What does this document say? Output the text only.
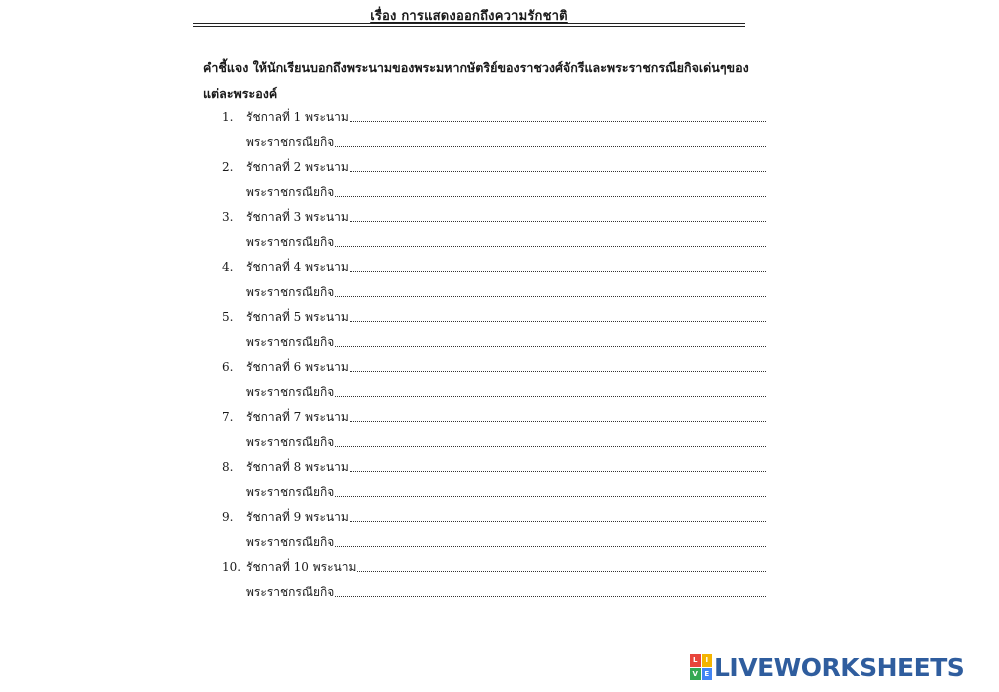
เรื่อง การแสดงออกถึงความรักชาติ
คำชี้แจง ให้นักเรียนบอกถึงพระนามของพระมหากษัตริย์ของราชวงศ์จักรีและพระราชกรณียกิจเด่นๆของแต่ละพระองค์
1.	รัชกาลที่ 1 พระนาม
พระราชกรณียกิจ
2.	รัชกาลที่ 2 พระนาม
พระราชกรณียกิจ
3.	รัชกาลที่ 3 พระนาม
พระราชกรณียกิจ
4.	รัชกาลที่ 4 พระนาม
พระราชกรณียกิจ
5.	รัชกาลที่ 5 พระนาม
พระราชกรณียกิจ
6.	รัชกาลที่ 6 พระนาม
พระราชกรณียกิจ
7.	รัชกาลที่ 7 พระนาม
พระราชกรณียกิจ
8.	รัชกาลที่ 8 พระนาม
พระราชกรณียกิจ
9.	รัชกาลที่ 9 พระนาม
พระราชกรณียกิจ
10. รัชกาลที่ 10 พระนาม
พระราชกรณียกิจ
L	I
V E LIVEWORKSHEETS
